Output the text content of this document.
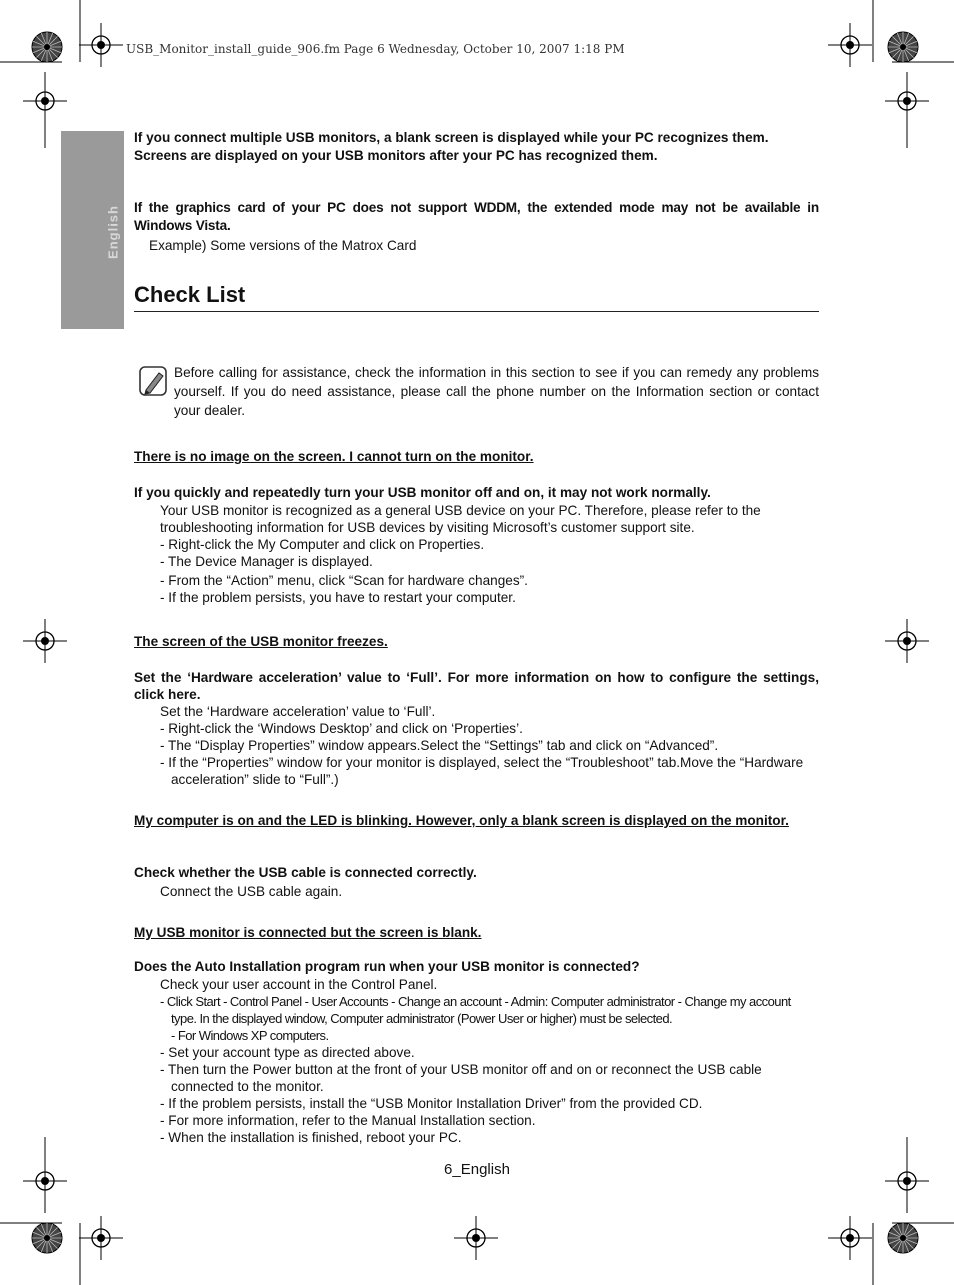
USB_Monitor_install_guide_906.fm Page 6 Wednesday, October 10, 2007 1:18 PM
English

If you connect multiple USB monitors, a blank screen is displayed while your PC recognizes them.

Screens are displayed on your USB monitors after your PC has recognized them.

If the graphics card of your PC does not support WDDM, the extended mode may not be available in Windows Vista.

Example) Some versions of the Matrox Card

Check List

Before calling for assistance, check the information in this section to see if you can remedy any problems yourself. If you do need assistance, please call the phone number on the Information section or contact your dealer.

There is no image on the screen. I cannot turn on the monitor.

If you quickly and repeatedly turn your USB monitor off and on, it may not work normally.

Your USB monitor is recognized as a general USB device on your PC. Therefore, please refer to the troubleshooting information for USB devices by visiting Microsoft’s customer support site.

- Right-click the My Computer and click on Properties.

- The Device Manager is displayed.

- From the “Action” menu, click “Scan for hardware changes”.

- If the problem persists, you have to restart your computer.

The screen of the USB monitor freezes.

Set the ‘Hardware acceleration’ value to ‘Full’. For more information on how to configure the settings, click here.

Set the ‘Hardware acceleration’ value to ‘Full’.

- Right-click the ‘Windows Desktop’ and click on ‘Properties’.

- The “Display Properties” window appears.Select the “Settings” tab and click on “Advanced”.

- If the “Properties” window for your monitor is displayed, select the “Troubleshoot” tab.Move the “Hardware acceleration” slide to “Full”.)

My computer is on and the LED is blinking. However, only a blank screen is displayed on the monitor.

Check whether the USB cable is connected correctly.

Connect the USB cable again.

My USB monitor is connected but the screen is blank.

Does the Auto Installation program run when your USB monitor is connected?

Check your user account in the Control Panel.

- Click Start - Control Panel - User Accounts - Change an account - Admin: Computer administrator - Change my account type. In the displayed window, Computer administrator (Power User or higher) must be selected.

- For Windows XP computers.

- Set your account type as directed above.

- Then turn the Power button at the front of your USB monitor off and on or reconnect the USB cable connected to the monitor.

- If the problem persists, install the “USB Monitor Installation Driver” from the provided CD.

- For more information, refer to the Manual Installation section.

- When the installation is finished, reboot your PC.

6_English
